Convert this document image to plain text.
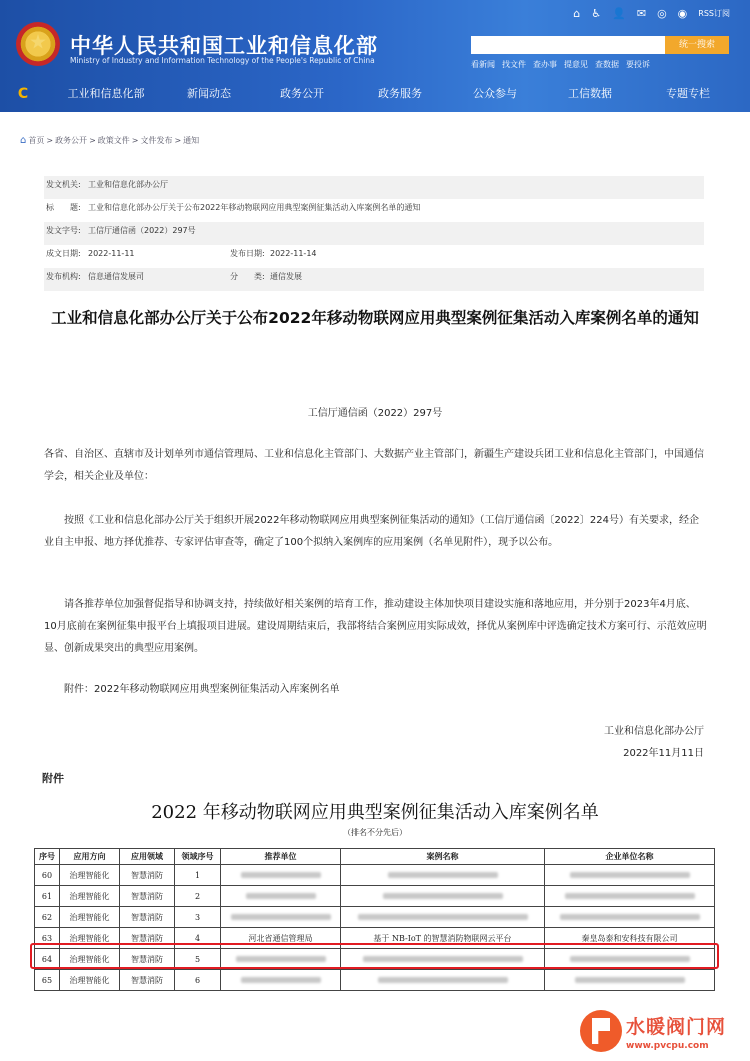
中华人民共和国工业和信息化部
Ministry of Industry and Information Technology of the People's Republic of China
⌂ ♿ 👤 ✉ ◎ ◉ RSS订阅
统一搜索
看新闻 找文件 查办事 提意见 查数据 要投诉
C	工业和信息化部	新闻动态	政务公开	政务服务	公众参与	工信数据	专题专栏
⌂ 首页 > 政务公开 > 政策文件 > 文件发布 > 通知
发文机关: 工业和信息化部办公厅
标　　题: 工业和信息化部办公厅关于公布2022年移动物联网应用典型案例征集活动入库案例名单的通知
发文字号: 工信厅通信函（2022）297号
成文日期: 2022-11-11	发布日期: 2022-11-14
发布机构: 信息通信发展司	分　　类: 通信发展
工业和信息化部办公厅关于公布2022年移动物联网应用典型案例征集活动入库案例名单的通知
工信厅通信函（2022）297号
各省、自治区、直辖市及计划单列市通信管理局、工业和信息化主管部门、大数据产业主管部门，新疆生产建设兵团工业和信息化主管部门，中国通信学会，相关企业及单位：
按照《工业和信息化部办公厅关于组织开展2022年移动物联网应用典型案例征集活动的通知》（工信厅通信函〔2022〕224号）有关要求，经企业自主申报、地方择优推荐、专家评估审查等，确定了100个拟纳入案例库的应用案例（名单见附件），现予以公布。
请各推荐单位加强督促指导和协调支持，持续做好相关案例的培育工作，推动建设主体加快项目建设实施和落地应用，并分别于2023年4月底、10月底前在案例征集申报平台上填报项目进展。建设周期结束后，我部将结合案例应用实际成效，择优从案例库中评选确定技术方案可行、示范效应明显、创新成果突出的典型应用案例。
附件：2022年移动物联网应用典型案例征集活动入库案例名单
工业和信息化部办公厅
2022年11月11日
附件
2022 年移动物联网应用典型案例征集活动入库案例名单
（排名不分先后）
序号	应用方向	应用领域	领域序号	推荐单位	案例名称	企业单位名称
60	治理智能化	智慧消防	1			
61	治理智能化	智慧消防	2			
62	治理智能化	智慧消防	3			
63	治理智能化	智慧消防	4	河北省通信管理局	基于 NB-IoT 的智慧消防物联网云平台	秦皇岛泰和安科技有限公司
64	治理智能化	智慧消防	5			
65	治理智能化	智慧消防	6			
水暖阀门网
www.pvcpu.com
